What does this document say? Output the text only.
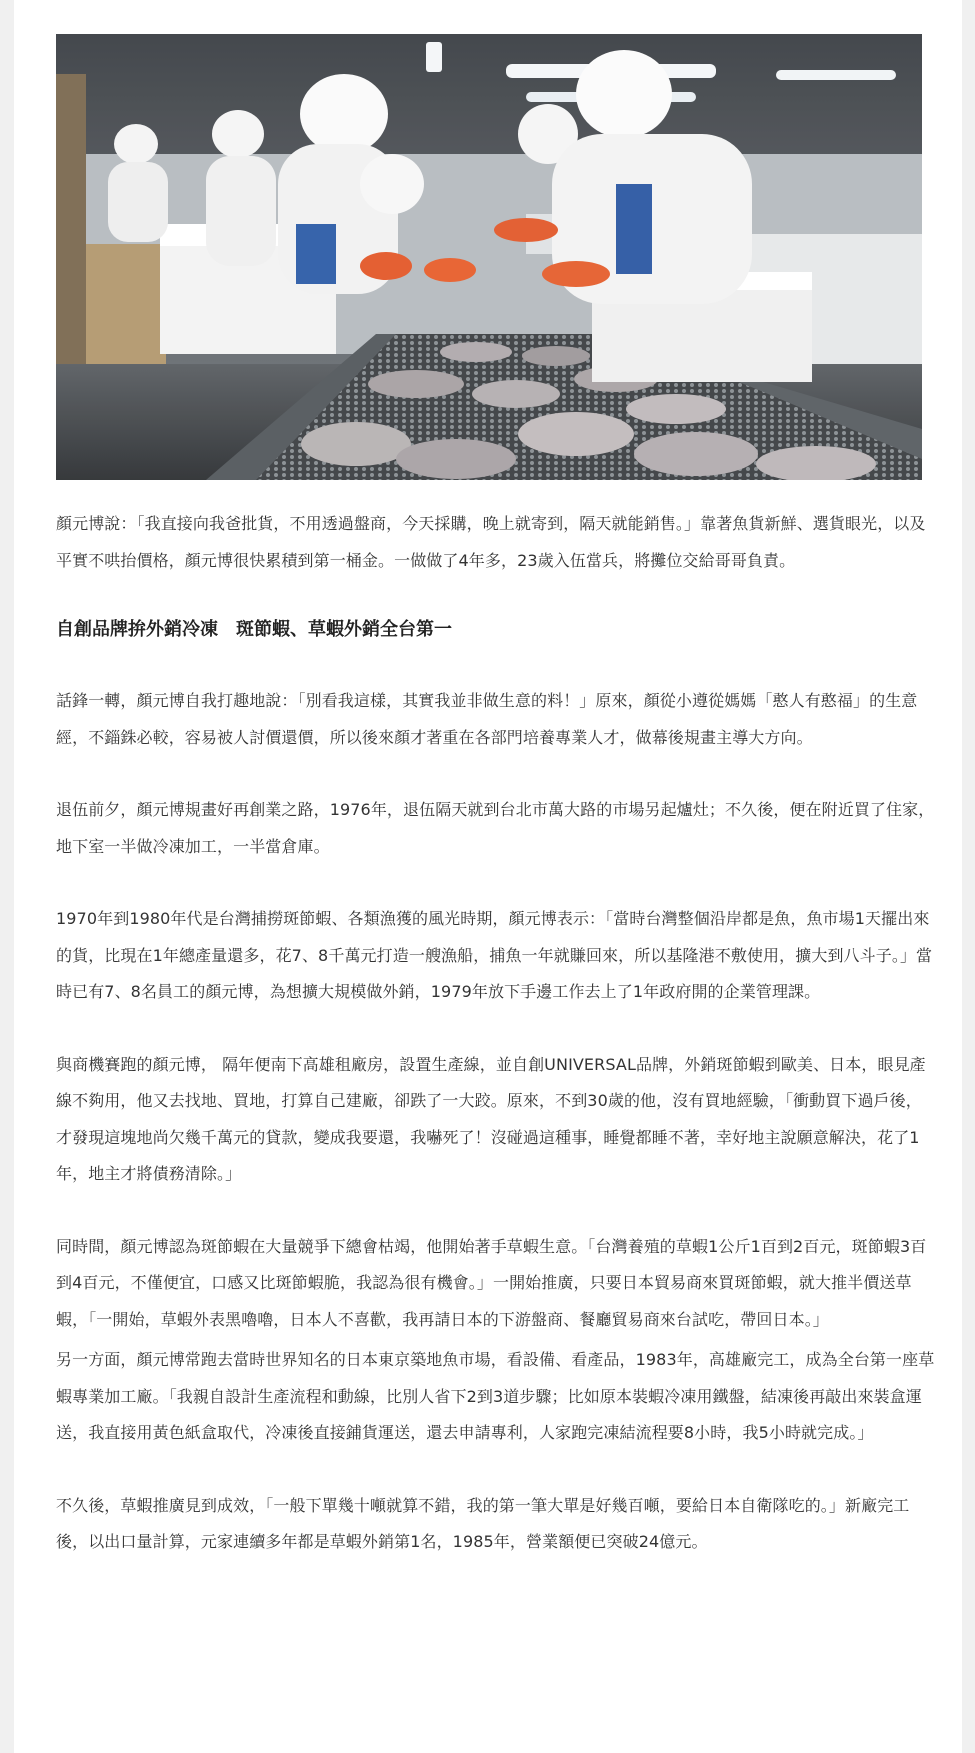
顏元博說：「我直接向我爸批貨，不用透過盤商，今天採購，晚上就寄到，隔天就能銷售。」靠著魚貨新鮮、選貨眼光，以及平實不哄抬價格，顏元博很快累積到第一桶金。一做做了4年多，23歲入伍當兵，將攤位交給哥哥負責。

自創品牌拚外銷冷凍　斑節蝦、草蝦外銷全台第一

話鋒一轉，顏元博自我打趣地說：「別看我這樣，其實我並非做生意的料！」原來，顏從小遵從媽媽「憨人有憨福」的生意經，不錙銖必較，容易被人討價還價，所以後來顏才著重在各部門培養專業人才，做幕後規畫主導大方向。

退伍前夕，顏元博規畫好再創業之路，1976年，退伍隔天就到台北市萬大路的市場另起爐灶；不久後，便在附近買了住家，地下室一半做冷凍加工，一半當倉庫。

1970年到1980年代是台灣捕撈斑節蝦、各類漁獲的風光時期，顏元博表示：「當時台灣整個沿岸都是魚，魚市場1天擺出來的貨，比現在1年總產量還多，花7、8千萬元打造一艘漁船，捕魚一年就賺回來，所以基隆港不敷使用，擴大到八斗子。」當時已有7、8名員工的顏元博，為想擴大規模做外銷，1979年放下手邊工作去上了1年政府開的企業管理課。

與商機賽跑的顏元博， 隔年便南下高雄租廠房，設置生產線，並自創UNIVERSAL品牌，外銷斑節蝦到歐美、日本，眼見產線不夠用，他又去找地、買地，打算自己建廠，卻跌了一大跤。原來，不到30歲的他，沒有買地經驗，「衝動買下過戶後，才發現這塊地尚欠幾千萬元的貸款，變成我要還，我嚇死了！沒碰過這種事，睡覺都睡不著，幸好地主說願意解決，花了1年，地主才將債務清除。」

同時間，顏元博認為斑節蝦在大量競爭下總會枯竭，他開始著手草蝦生意。「台灣養殖的草蝦1公斤1百到2百元，斑節蝦3百到4百元，不僅便宜，口感又比斑節蝦脆，我認為很有機會。」一開始推廣，只要日本貿易商來買斑節蝦，就大推半價送草蝦，「一開始，草蝦外表黑嚕嚕，日本人不喜歡，我再請日本的下游盤商、餐廳貿易商來台試吃，帶回日本。」

另一方面，顏元博常跑去當時世界知名的日本東京築地魚市場，看設備、看產品，1983年，高雄廠完工，成為全台第一座草蝦專業加工廠。「我親自設計生產流程和動線，比別人省下2到3道步驟；比如原本裝蝦冷凍用鐵盤，結凍後再敲出來裝盒運送，我直接用黃色紙盒取代，冷凍後直接鋪貨運送，還去申請專利，人家跑完凍結流程要8小時，我5小時就完成。」

不久後，草蝦推廣見到成效，「一般下單幾十噸就算不錯，我的第一筆大單是好幾百噸，要給日本自衛隊吃的。」新廠完工後，以出口量計算，元家連續多年都是草蝦外銷第1名，1985年，營業額便已突破24億元。
